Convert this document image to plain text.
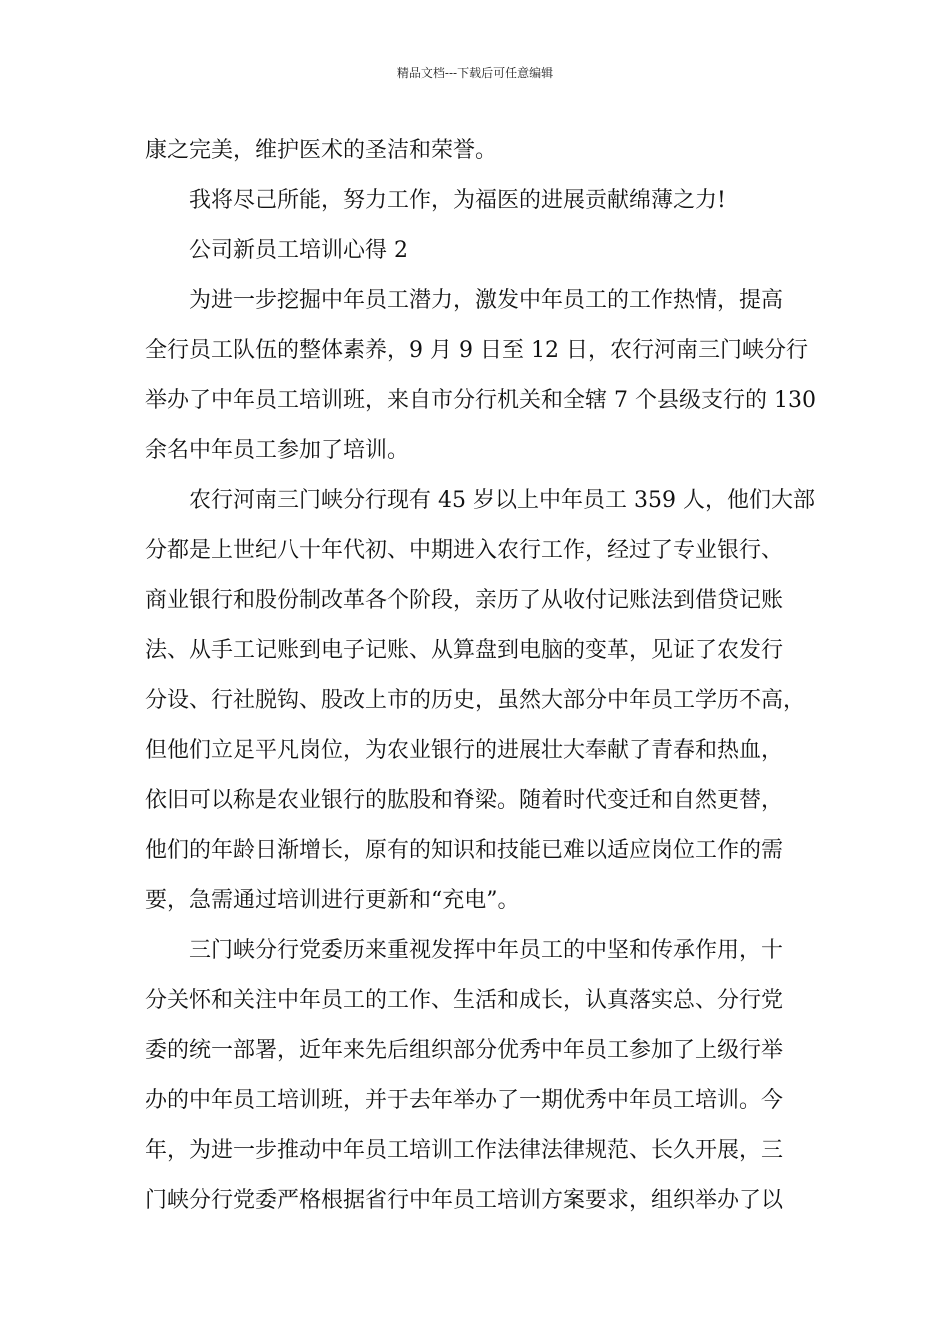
精品文档---下载后可任意编辑
康之完美，维护医术的圣洁和荣誉。
我将尽己所能，努力工作，为福医的进展贡献绵薄之力!
公司新员工培训心得 2
为进一步挖掘中年员工潜力，激发中年员工的工作热情，提高
全行员工队伍的整体素养，9 月 9 日至 12 日，农行河南三门峡分行
举办了中年员工培训班，来自市分行机关和全辖 7 个县级支行的 130
余名中年员工参加了培训。
农行河南三门峡分行现有 45 岁以上中年员工 359 人，他们大部
分都是上世纪八十年代初、中期进入农行工作，经过了专业银行、
商业银行和股份制改革各个阶段，亲历了从收付记账法到借贷记账
法、从手工记账到电子记账、从算盘到电脑的变革，见证了农发行
分设、行社脱钩、股改上市的历史，虽然大部分中年员工学历不高，
但他们立足平凡岗位，为农业银行的进展壮大奉献了青春和热血，
依旧可以称是农业银行的肱股和脊梁。随着时代变迁和自然更替，
他们的年龄日渐增长，原有的知识和技能已难以适应岗位工作的需
要，急需通过培训进行更新和“充电”。
三门峡分行党委历来重视发挥中年员工的中坚和传承作用，十
分关怀和关注中年员工的工作、生活和成长，认真落实总、分行党
委的统一部署，近年来先后组织部分优秀中年员工参加了上级行举
办的中年员工培训班，并于去年举办了一期优秀中年员工培训。今
年，为进一步推动中年员工培训工作法律法律规范、长久开展，三
门峡分行党委严格根据省行中年员工培训方案要求，组织举办了以
